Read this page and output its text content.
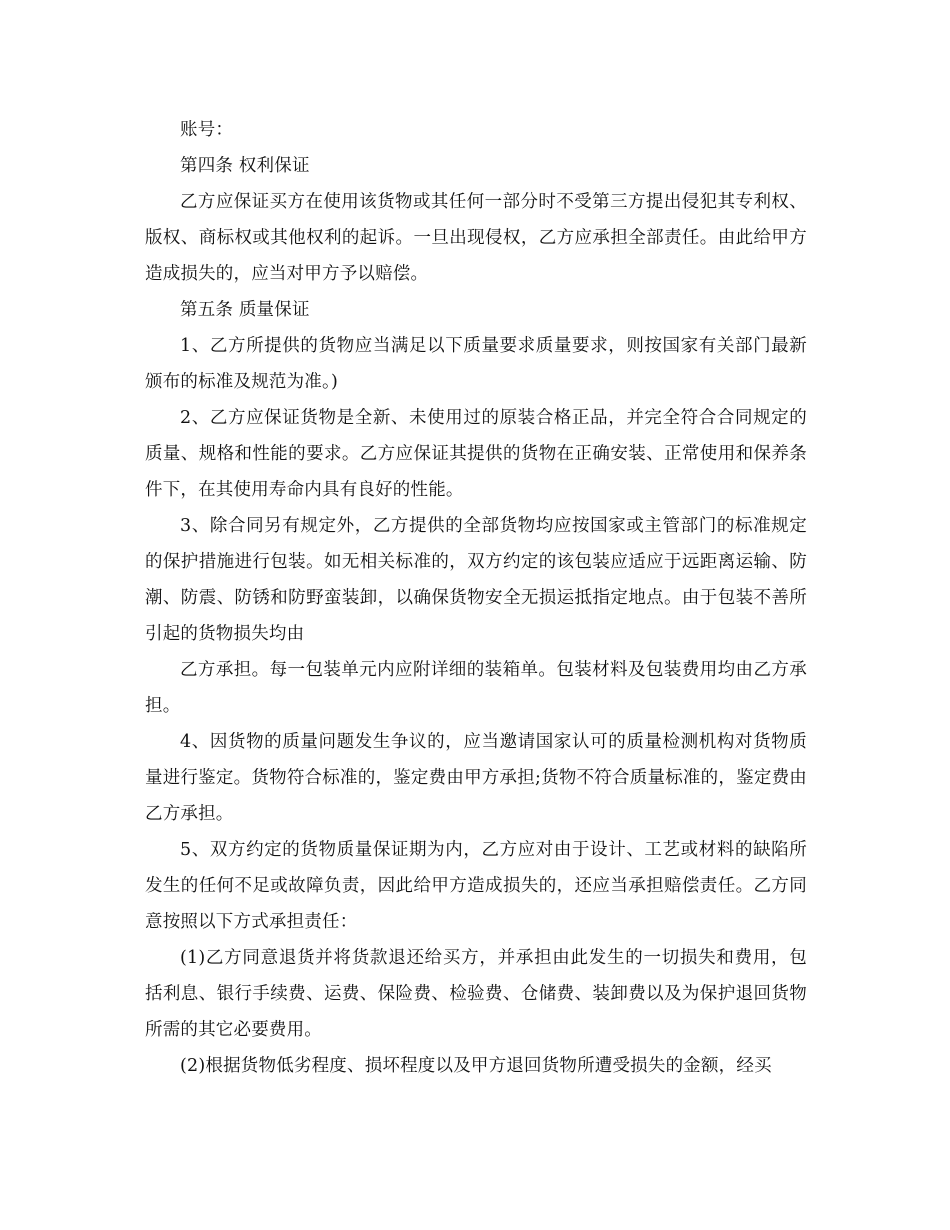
账号：

第四条 权利保证

乙方应保证买方在使用该货物或其任何一部分时不受第三方提出侵犯其专利权、版权、商标权或其他权利的起诉。一旦出现侵权，乙方应承担全部责任。由此给甲方造成损失的，应当对甲方予以赔偿。

第五条 质量保证

1、乙方所提供的货物应当满足以下质量要求质量要求，则按国家有关部门最新颁布的标准及规范为准。)

2、乙方应保证货物是全新、未使用过的原装合格正品，并完全符合合同规定的质量、规格和性能的要求。乙方应保证其提供的货物在正确安装、正常使用和保养条件下，在其使用寿命内具有良好的性能。

3、除合同另有规定外，乙方提供的全部货物均应按国家或主管部门的标准规定的保护措施进行包装。如无相关标准的，双方约定的该包装应适应于远距离运输、防潮、防震、防锈和防野蛮装卸，以确保货物安全无损运抵指定地点。由于包装不善所引起的货物损失均由

乙方承担。每一包装单元内应附详细的装箱单。包装材料及包装费用均由乙方承担。

4、因货物的质量问题发生争议的，应当邀请国家认可的质量检测机构对货物质量进行鉴定。货物符合标准的，鉴定费由甲方承担;货物不符合质量标准的，鉴定费由乙方承担。

5、双方约定的货物质量保证期为内，乙方应对由于设计、工艺或材料的缺陷所发生的任何不足或故障负责，因此给甲方造成损失的，还应当承担赔偿责任。乙方同意按照以下方式承担责任：

(1)乙方同意退货并将货款退还给买方，并承担由此发生的一切损失和费用，包括利息、银行手续费、运费、保险费、检验费、仓储费、装卸费以及为保护退回货物所需的其它必要费用。

(2)根据货物低劣程度、损坏程度以及甲方退回货物所遭受损失的金额，经买
